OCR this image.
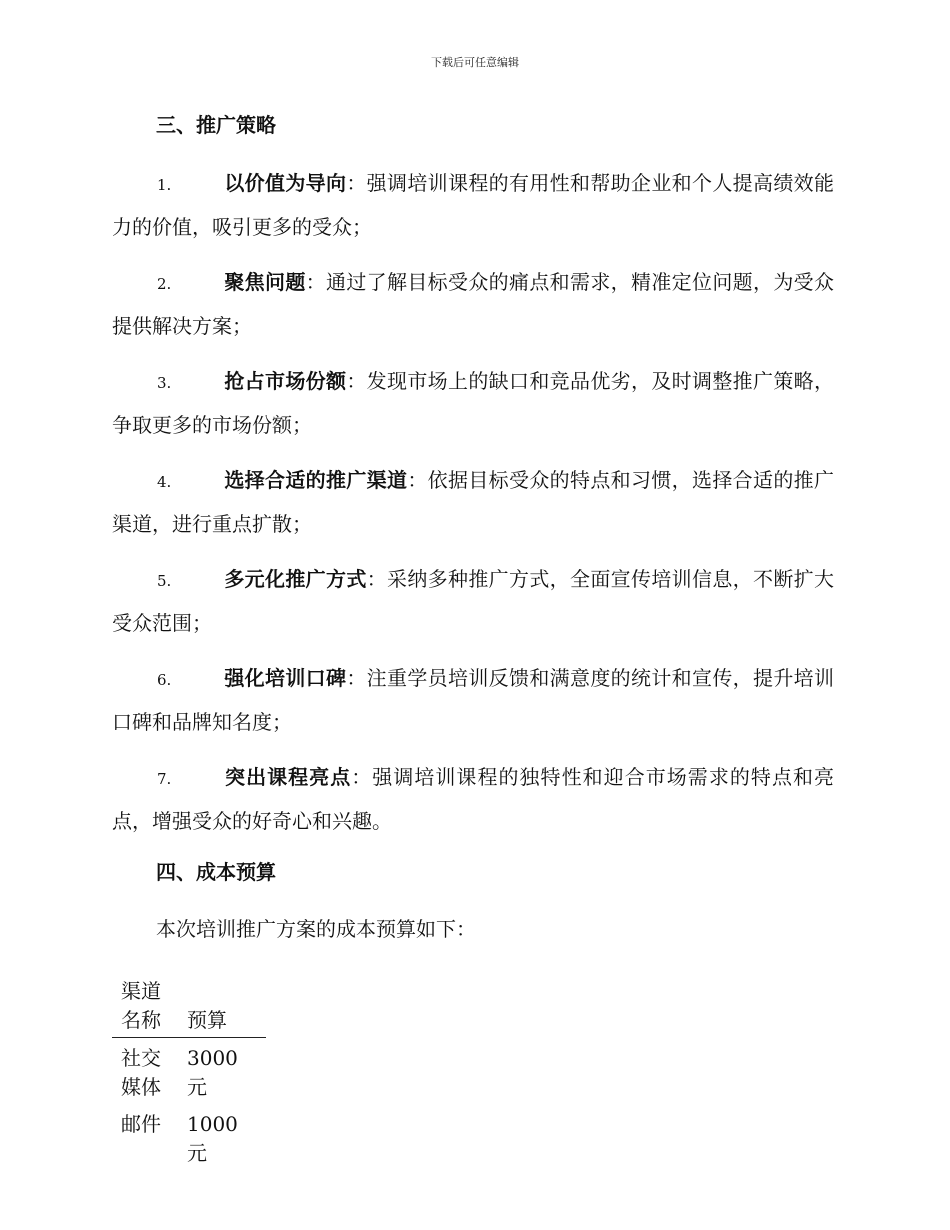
下载后可任意编辑
三、推广策略
1.	以价值为导向：强调培训课程的有用性和帮助企业和个人提高绩效能力的价值，吸引更多的受众；
2.	聚焦问题：通过了解目标受众的痛点和需求，精准定位问题，为受众提供解决方案；
3.	抢占市场份额：发现市场上的缺口和竞品优劣，及时调整推广策略，争取更多的市场份额；
4.	选择合适的推广渠道：依据目标受众的特点和习惯，选择合适的推广渠道，进行重点扩散；
5.	多元化推广方式：采纳多种推广方式，全面宣传培训信息，不断扩大受众范围；
6.	强化培训口碑：注重学员培训反馈和满意度的统计和宣传，提升培训口碑和品牌知名度；
7.	突出课程亮点：强调培训课程的独特性和迎合市场需求的特点和亮点，增强受众的好奇心和兴趣。
四、成本预算
本次培训推广方案的成本预算如下：
渠道名称	预算
社交媒体	3000 元
邮件	1000 元
